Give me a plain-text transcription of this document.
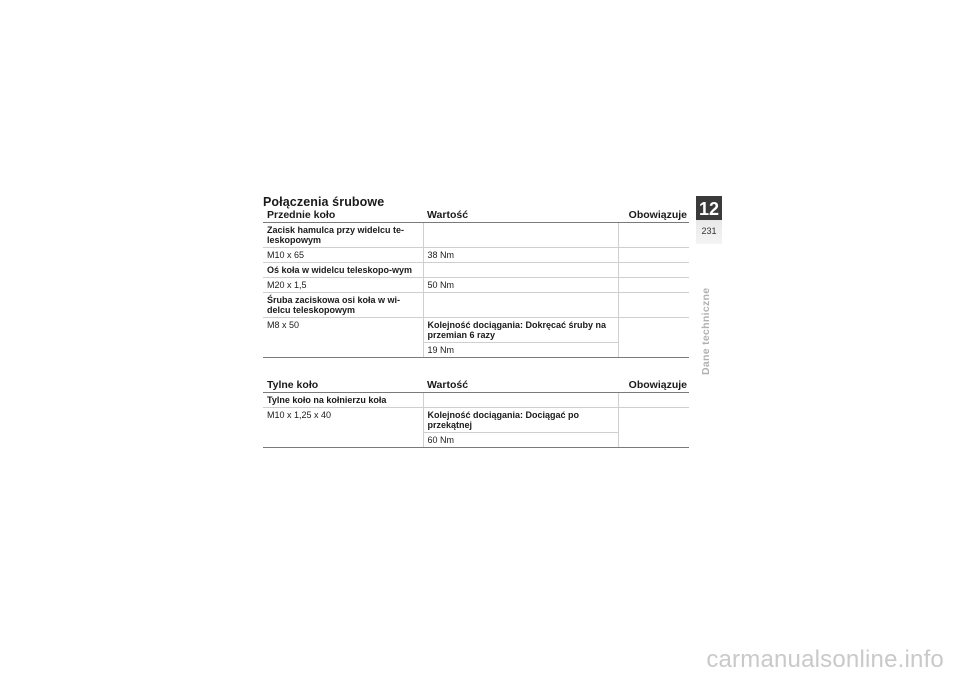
Połączenia śrubowe
Przednie koło	Wartość	Obowiązuje
Zacisk hamulca przy widelcu te-leskopowym		
M10 x 65	38 Nm	
Oś koła w widelcu teleskopo-wym		
M20 x 1,5	50 Nm	
Śruba zaciskowa osi koła w wi-delcu teleskopowym		
M8 x 50	Kolejność dociągania: Dokręcać śruby na przemian 6 razy	
	19 Nm	
Tylne koło	Wartość	Obowiązuje
Tylne koło na kołnierzu koła		
M10 x 1,25 x 40	Kolejność dociągania: Dociągać po przekątnej	
	60 Nm	
12
231
Dane techniczne
carmanualsonline.info
